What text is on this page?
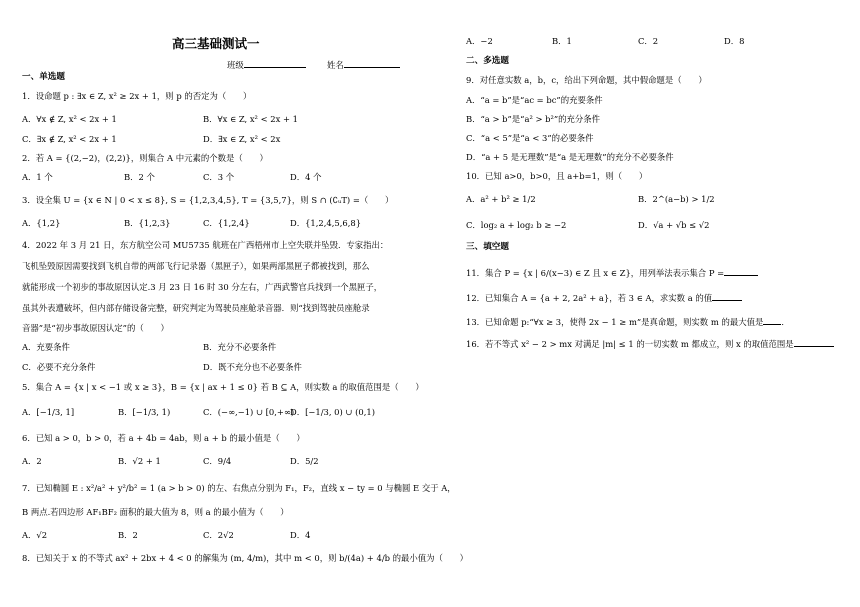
高三基础测试一
班级	姓名
一、单选题
1．设命题 p : ∃x ∈ Z, x² ≥ 2x + 1，则 p 的否定为（　　）
A．∀x ∉ Z, x² < 2x + 1	B．∀x ∈ Z, x² < 2x + 1
C．∃x ∉ Z, x² < 2x + 1	D．∃x ∈ Z, x² < 2x
2．若 A = {(2,−2)，(2,2)}，则集合 A 中元素的个数是（　　）
A．1 个	B．2 个	C．3 个	D．4 个
3．设全集 U = {x ∈ N | 0 < x ≤ 8}, S = {1,2,3,4,5}, T = {3,5,7}，则 S ∩ (∁ᵤT) =（　　）
A．{1,2}	B．{1,2,3}	C．{1,2,4}	D．{1,2,4,5,6,8}
4．2022 年 3 月 21 日，东方航空公司 MU5735 航班在广西梧州市上空失联并坠毁．专家指出：
飞机坠毁原因需要找到飞机自带的两部飞行记录器（黑匣子），如果两部黑匣子都被找到，那么
就能形成一个初步的事故原因认定.3 月 23 日 16 时 30 分左右，广西武警官兵找到一个黑匣子，
虽其外表遭破坏，但内部存储设备完整，研究判定为驾驶员座舱录音器．则“找到驾驶员座舱录
音器”是“初步事故原因认定”的（　　）
A．充要条件	B．充分不必要条件
C．必要不充分条件	D．既不充分也不必要条件
5．集合 A = {x | x < −1 或 x ≥ 3}，B = {x | ax + 1 ≤ 0} 若 B ⊆ A，则实数 a 的取值范围是（　　）
A．[−1/3, 1]	B．[−1/3, 1)	C．(−∞,−1) ∪ [0,+∞)
D．[−1/3, 0) ∪ (0,1)
6．已知 a > 0，b > 0，若 a + 4b = 4ab，则 a + b 的最小值是（　　）
A．2	B．√2 + 1	C．9/4	D．5/2
7．已知椭圆 E : x²/a² + y²/b² = 1 (a > b > 0) 的左、右焦点分别为 F₁，F₂，直线 x − ty = 0 与椭圆 E 交于 A，
B 两点.若四边形 AF₁BF₂ 面积的最大值为 8，则 a 的最小值为（　　）
A．√2	B．2	C．2√2	D．4
8．已知关于 x 的不等式 ax² + 2bx + 4 < 0 的解集为 (m, 4/m)，其中 m < 0，则 b/(4a) + 4/b 的最小值为（　　）
A．−2	B．1	C．2	D．8
二、多选题
9．对任意实数 a，b，c，给出下列命题，其中假命题是（　　）
A．“a = b”是“ac = bc”的充要条件
B．“a > b”是“a² > b²”的充分条件
C．“a < 5”是“a < 3”的必要条件
D．“a + 5 是无理数”是“a 是无理数”的充分不必要条件
10．已知 a>0，b>0，且 a+b=1，则（　　）
A．a² + b² ≥ 1/2	B．2^(a−b) > 1/2
C．log₂ a + log₂ b ≥ −2	D．√a + √b ≤ √2
三、填空题
11．集合 P = {x | 6/(x−3) ∈ Z 且 x ∈ Z}，用列举法表示集合 P =
12．已知集合 A = {a + 2, 2a² + a}，若 3 ∈ A，求实数 a 的值
13．已知命题 p:“∀x ≥ 3，使得 2x − 1 ≥ m”是真命题，则实数 m 的最大值是 ．
16．若不等式 x² − 2 > mx 对满足 |m| ≤ 1 的一切实数 m 都成立，则 x 的取值范围是
